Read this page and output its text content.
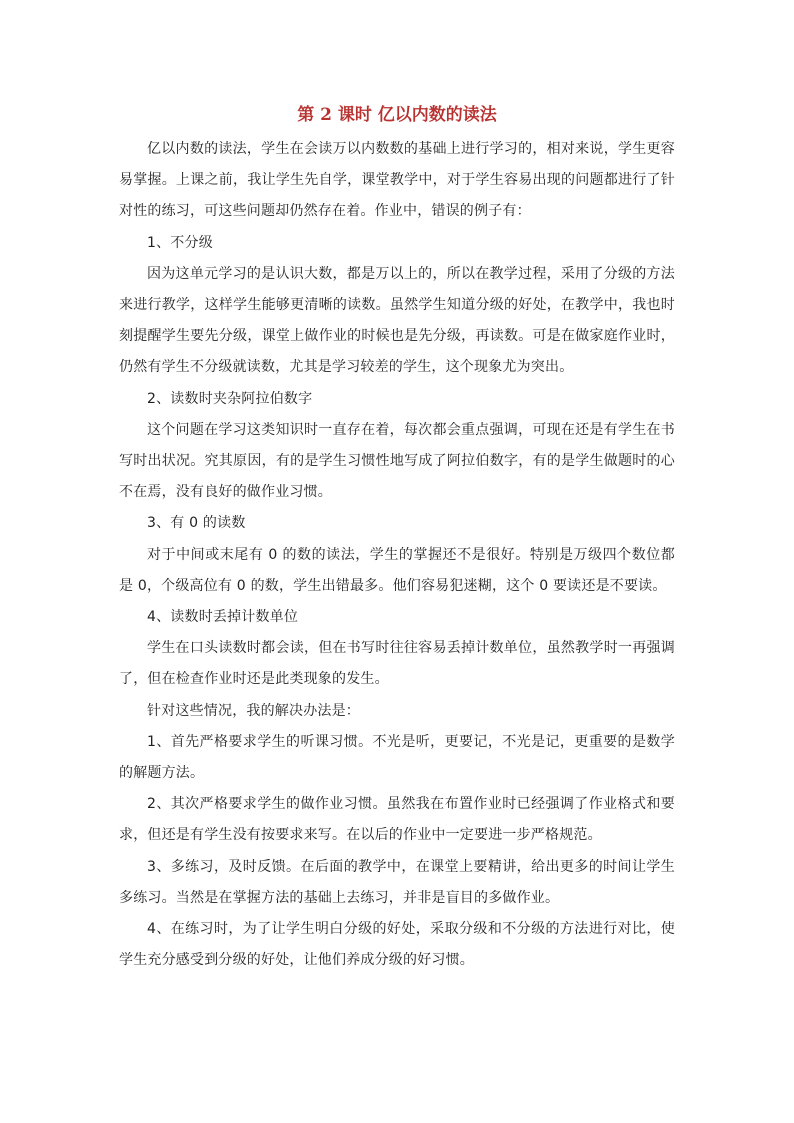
第 2 课时 亿以内数的读法

亿以内数的读法，学生在会读万以内数数的基础上进行学习的，相对来说，学生更容易掌握。上课之前，我让学生先自学，课堂教学中，对于学生容易出现的问题都进行了针对性的练习，可这些问题却仍然存在着。作业中，错误的例子有：

1、不分级

因为这单元学习的是认识大数，都是万以上的，所以在教学过程，采用了分级的方法来进行教学，这样学生能够更清晰的读数。虽然学生知道分级的好处，在教学中，我也时刻提醒学生要先分级，课堂上做作业的时候也是先分级，再读数。可是在做家庭作业时，仍然有学生不分级就读数，尤其是学习较差的学生，这个现象尤为突出。

2、读数时夹杂阿拉伯数字

这个问题在学习这类知识时一直存在着，每次都会重点强调，可现在还是有学生在书写时出状况。究其原因，有的是学生习惯性地写成了阿拉伯数字，有的是学生做题时的心不在焉，没有良好的做作业习惯。

3、有 0 的读数

对于中间或末尾有 0 的数的读法，学生的掌握还不是很好。特别是万级四个数位都是 0，个级高位有 0 的数，学生出错最多。他们容易犯迷糊，这个 0 要读还是不要读。

4、读数时丢掉计数单位

学生在口头读数时都会读，但在书写时往往容易丢掉计数单位，虽然教学时一再强调了，但在检查作业时还是此类现象的发生。

针对这些情况，我的解决办法是：

1、首先严格要求学生的听课习惯。不光是听，更要记，不光是记，更重要的是数学的解题方法。

2、其次严格要求学生的做作业习惯。虽然我在布置作业时已经强调了作业格式和要求，但还是有学生没有按要求来写。在以后的作业中一定要进一步严格规范。

3、多练习，及时反馈。在后面的教学中，在课堂上要精讲，给出更多的时间让学生多练习。当然是在掌握方法的基础上去练习，并非是盲目的多做作业。

4、在练习时，为了让学生明白分级的好处，采取分级和不分级的方法进行对比，使学生充分感受到分级的好处，让他们养成分级的好习惯。
